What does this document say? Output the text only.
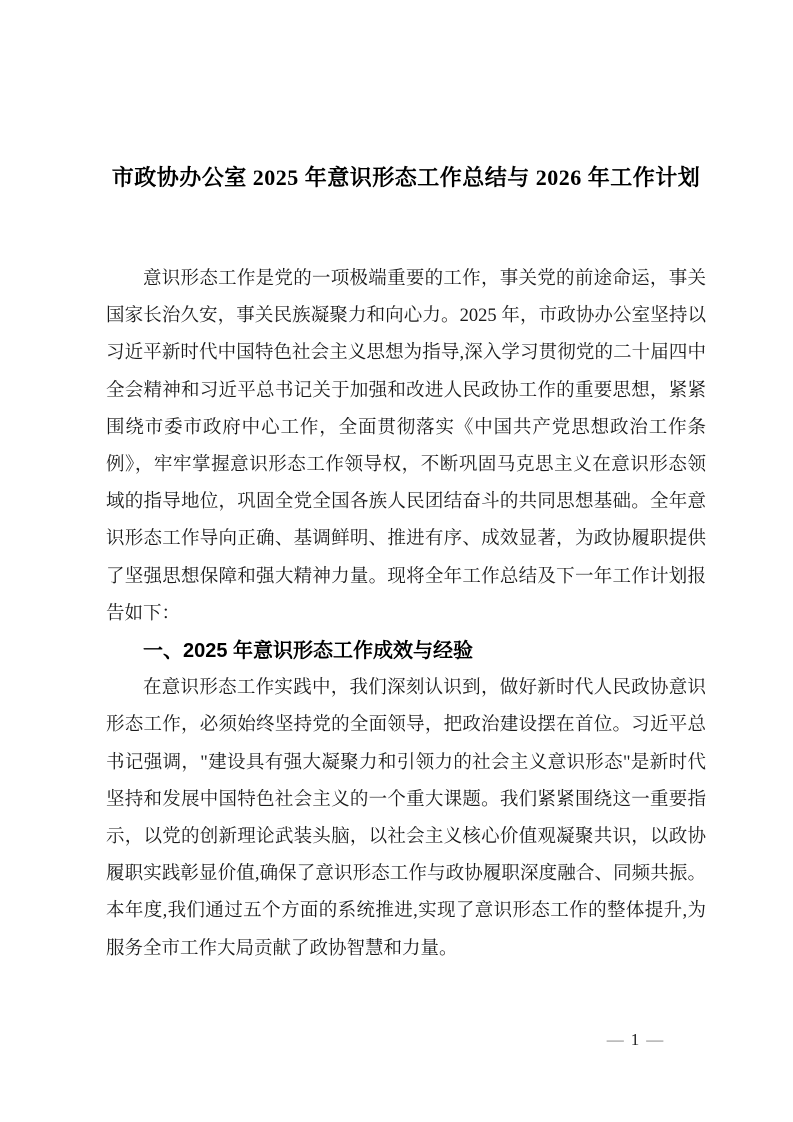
市政协办公室 2025 年意识形态工作总结与 2026 年工作计划

意识形态工作是党的一项极端重要的工作，事关党的前途命运，事关国家长治久安，事关民族凝聚力和向心力。2025 年，市政协办公室坚持以习近平新时代中国特色社会主义思想为指导,深入学习贯彻党的二十届四中全会精神和习近平总书记关于加强和改进人民政协工作的重要思想，紧紧围绕市委市政府中心工作，全面贯彻落实《中国共产党思想政治工作条例》，牢牢掌握意识形态工作领导权，不断巩固马克思主义在意识形态领域的指导地位，巩固全党全国各族人民团结奋斗的共同思想基础。全年意识形态工作导向正确、基调鲜明、推进有序、成效显著，为政协履职提供了坚强思想保障和强大精神力量。现将全年工作总结及下一年工作计划报告如下：

一、2025 年意识形态工作成效与经验

在意识形态工作实践中，我们深刻认识到，做好新时代人民政协意识形态工作，必须始终坚持党的全面领导，把政治建设摆在首位。习近平总书记强调，"建设具有强大凝聚力和引领力的社会主义意识形态"是新时代坚持和发展中国特色社会主义的一个重大课题。我们紧紧围绕这一重要指示，以党的创新理论武装头脑，以社会主义核心价值观凝聚共识，以政协履职实践彰显价值,确保了意识形态工作与政协履职深度融合、同频共振。本年度,我们通过五个方面的系统推进,实现了意识形态工作的整体提升,为服务全市工作大局贡献了政协智慧和力量。

— 1 —
